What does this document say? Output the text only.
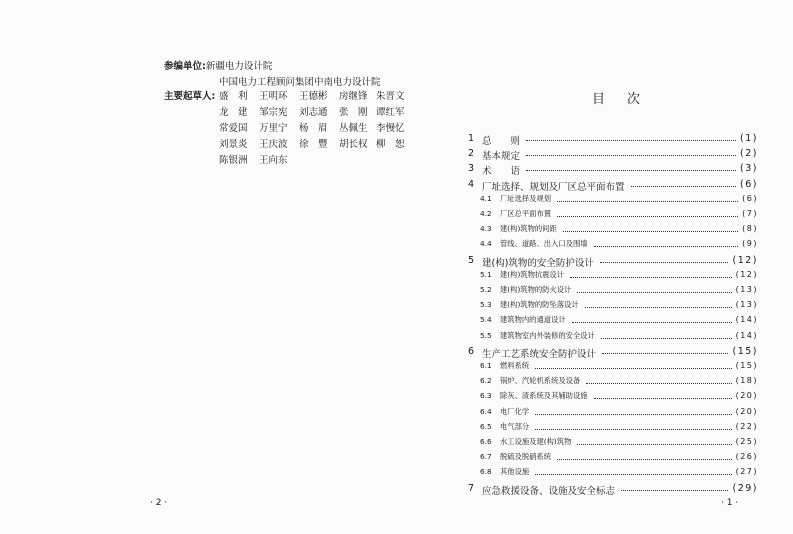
参编单位:新疆电力设计院
中国电力工程顾问集团中南电力设计院
主要起草人: 盛　利 王明环 王德彬 房继锋 朱晋文
龙　建 邹宗宪 刘志通 张　刚 谭红军
常爱国 万里宁 杨　眉 丛佩生 李慢忆
刘景炎 王庆波 徐　豐 胡长权 柳　恕
陈银洲 王向东
· 2 ·
目次
1 总　　则	(1)
2 基本规定	(2)
3 术　　语	(3)
4 厂址选择、规划及厂区总平面布置	(6)
4.1 厂址选择及规划	(6)
4.2 厂区总平面布置	(7)
4.3 建(构)筑物的间距	(8)
4.4 管线、道路、出入口及围墙	(9)
5 建(构)筑物的安全防护设计	(12)
5.1 建(构)筑物抗震设计	(12)
5.2 建(构)筑物的防火设计	(13)
5.3 建(构)筑物的防坠落设计	(13)
5.4 建筑物内的通道设计	(14)
5.5 建筑物室内外装修的安全设计	(14)
6 生产工艺系统安全防护设计	(15)
6.1 燃料系统	(15)
6.2 锅炉、汽轮机系统及设备	(18)
6.3 除灰、渣系统及其辅助设施	(20)
6.4 电厂化学	(20)
6.5 电气部分	(22)
6.6 水工设施及建(构)筑物	(25)
6.7 脱硫及脱硝系统	(26)
6.8 其他设施	(27)
7 应急救援设备、设施及安全标志	(29)
· 1 ·
